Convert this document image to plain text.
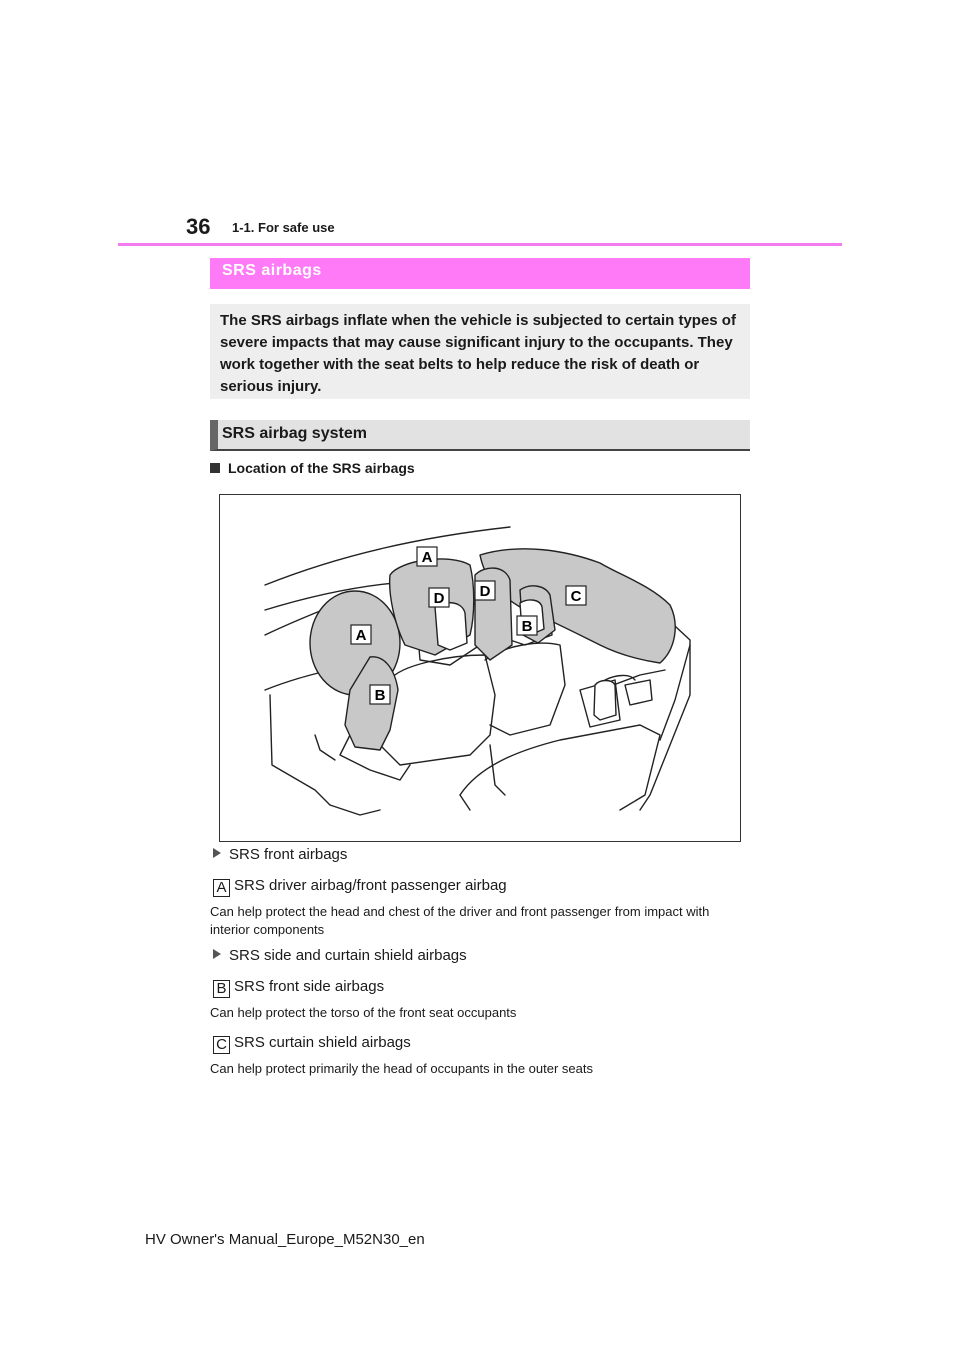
36 1-1. For safe use
SRS airbags

The SRS airbags inflate when the vehicle is subjected to certain types of severe impacts that may cause significant injury to the occupants. They work together with the seat belts to help reduce the risk of death or serious injury.

SRS airbag system
Location of the SRS airbags
A
A
B
B
C
D D
SRS front airbags
A SRS driver airbag/front passenger airbag
Can help protect the head and chest of the driver and front passenger from impact with interior components
SRS side and curtain shield airbags
B SRS front side airbags
Can help protect the torso of the front seat occupants
C SRS curtain shield airbags
Can help protect primarily the head of occupants in the outer seats
HV Owner's Manual_Europe_M52N30_en
